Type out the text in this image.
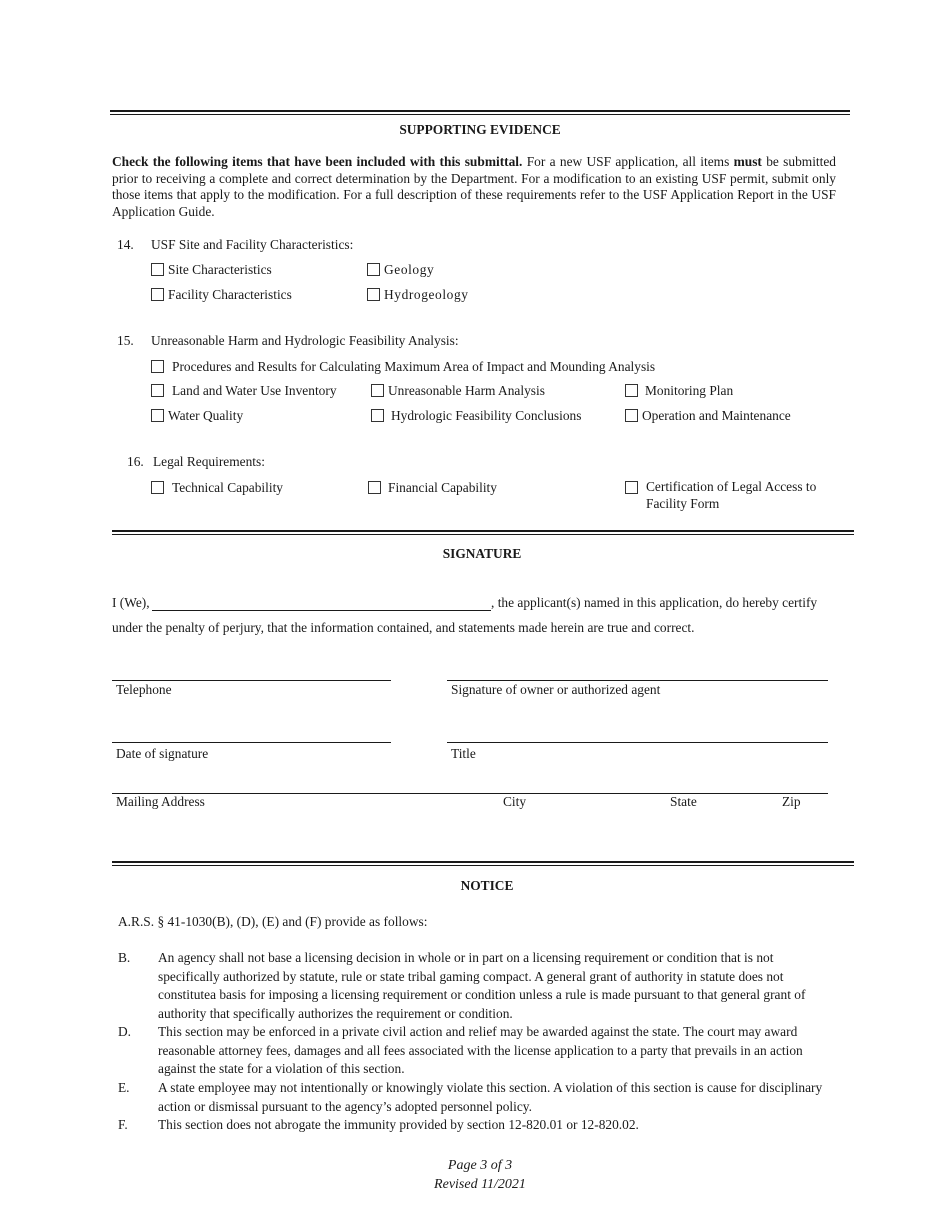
SUPPORTING EVIDENCE
Check the following items that have been included with this submittal. For a new USF application, all items must be submitted prior to receiving a complete and correct determination by the Department. For a modification to an existing USF permit, submit only those items that apply to the modification. For a full description of these requirements refer to the USF Application Report in the USF Application Guide.
14. USF Site and Facility Characteristics:
Site Characteristics	Geology
Facility Characteristics	Hydrogeology
15. Unreasonable Harm and Hydrologic Feasibility Analysis:
Procedures and Results for Calculating Maximum Area of Impact and Mounding Analysis
Land and Water Use Inventory	Unreasonable Harm Analysis	Monitoring Plan
Water Quality	Hydrologic Feasibility Conclusions	Operation and Maintenance
16. Legal Requirements:
Technical Capability	Financial Capability	Certification of Legal Access to Facility Form
SIGNATURE
I (We),	, the applicant(s) named in this application, do hereby certify
under the penalty of perjury, that the information contained, and statements made herein are true and correct.
Telephone	Signature of owner or authorized agent
Date of signature	Title
Mailing Address	City	State	Zip
NOTICE
A.R.S. § 41-1030(B), (D), (E) and (F) provide as follows:
B.	An agency shall not base a licensing decision in whole or in part on a licensing requirement or condition that is not specifically authorized by statute, rule or state tribal gaming compact. A general grant of authority in statute does not constitutea basis for imposing a licensing requirement or condition unless a rule is made pursuant to that general grant of authority that specifically authorizes the requirement or condition.
D.	This section may be enforced in a private civil action and relief may be awarded against the state. The court may award reasonable attorney fees, damages and all fees associated with the license application to a party that prevails in an action against the state for a violation of this section.
E.	A state employee may not intentionally or knowingly violate this section. A violation of this section is cause for disciplinary action or dismissal pursuant to the agency’s adopted personnel policy.
F.	This section does not abrogate the immunity provided by section 12-820.01 or 12-820.02.
Page 3 of 3
Revised 11/2021
